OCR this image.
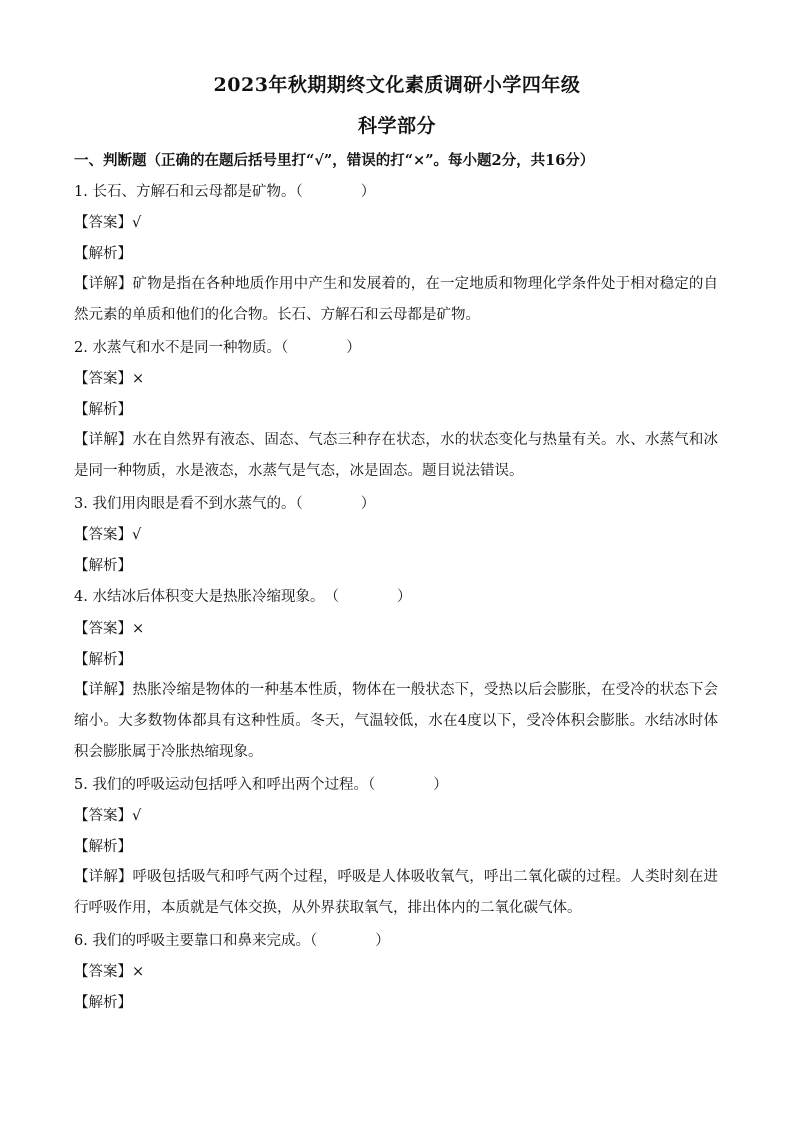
2023年秋期期终文化素质调研小学四年级
科学部分
一、判断题（正确的在题后括号里打“√”，错误的打“×”。每小题2分，共16分）
1. 长石、方解石和云母都是矿物。（　　　　）
【答案】√
【解析】
【详解】矿物是指在各种地质作用中产生和发展着的，在一定地质和物理化学条件处于相对稳定的自然元素的单质和他们的化合物。长石、方解石和云母都是矿物。
2. 水蒸气和水不是同一种物质。（　　　　）
【答案】×
【解析】
【详解】水在自然界有液态、固态、气态三种存在状态，水的状态变化与热量有关。水、水蒸气和冰是同一种物质，水是液态，水蒸气是气态，冰是固态。题目说法错误。
3. 我们用肉眼是看不到水蒸气的。（　　　　）
【答案】√
【解析】
4. 水结冰后体积变大是热胀冷缩现象。　（　　　　）
【答案】×
【解析】
【详解】热胀冷缩是物体的一种基本性质，物体在一般状态下，受热以后会膨胀，在受冷的状态下会缩小。大多数物体都具有这种性质。冬天，气温较低，水在4度以下，受冷体积会膨胀。水结冰时体积会膨胀属于冷胀热缩现象。
5. 我们的呼吸运动包括呼入和呼出两个过程。（　　　　）
【答案】√
【解析】
【详解】呼吸包括吸气和呼气两个过程，呼吸是人体吸收氧气，呼出二氧化碳的过程。人类时刻在进行呼吸作用，本质就是气体交换，从外界获取氧气，排出体内的二氧化碳气体。
6. 我们的呼吸主要靠口和鼻来完成。（　　　　）
【答案】×
【解析】
